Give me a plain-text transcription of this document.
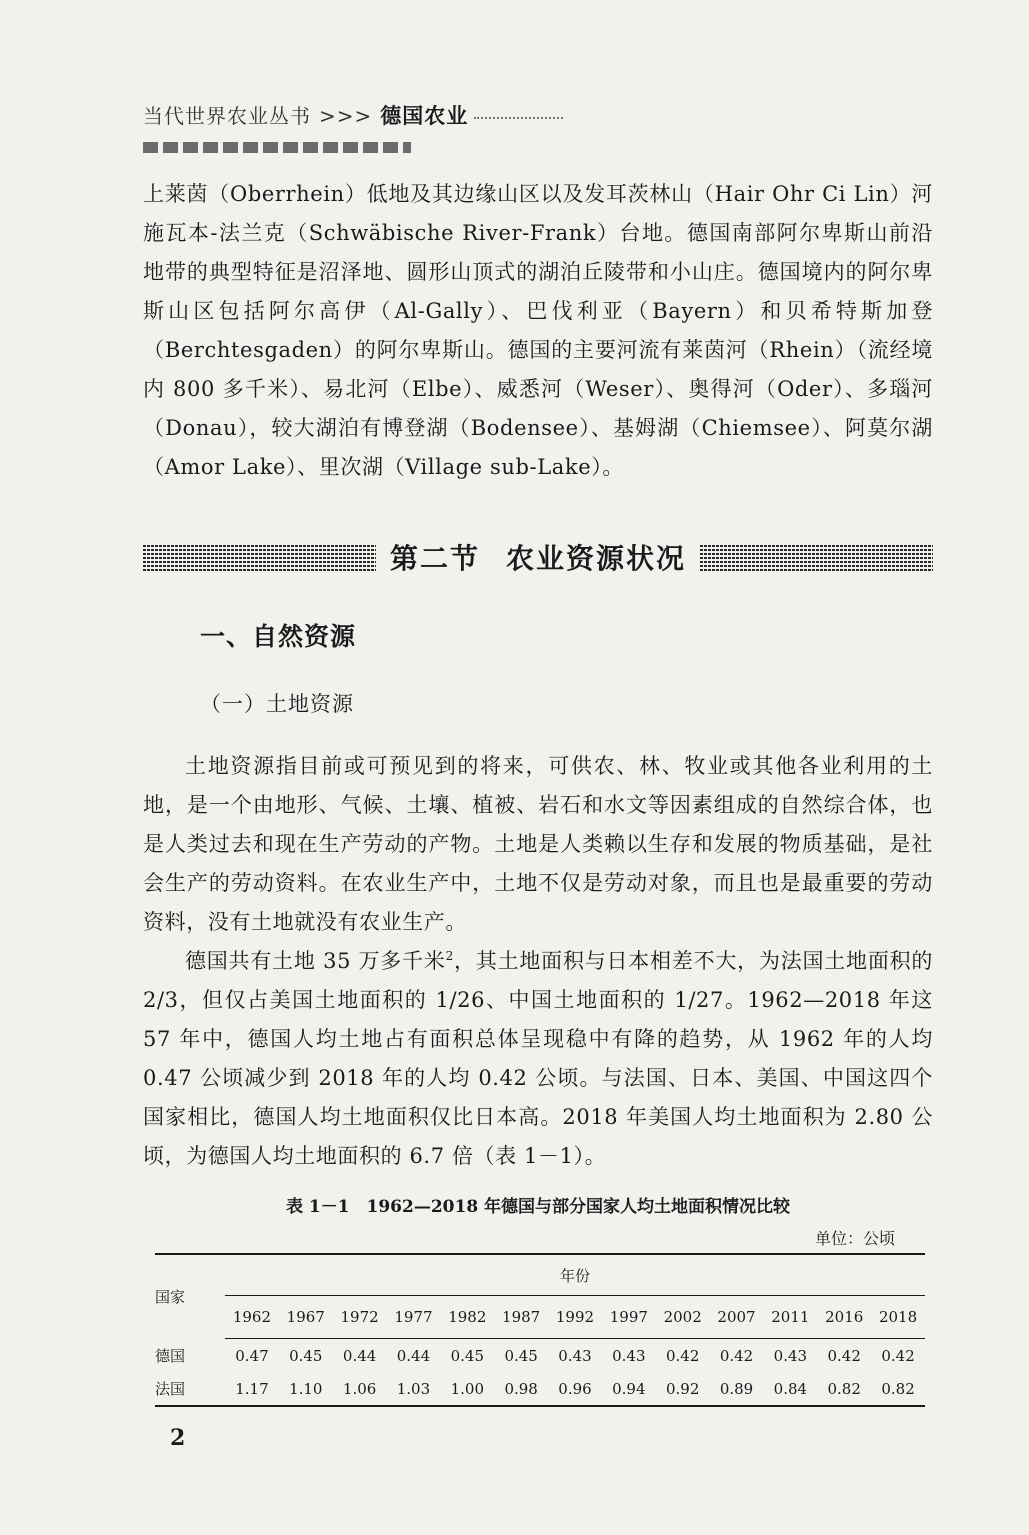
当代世界农业丛书 >>> 德国农业

上莱茵（Oberrhein）低地及其边缘山区以及发耳茨林山（Hair Ohr Ci Lin）河施瓦本-法兰克（Schwäbische River-Frank）台地。德国南部阿尔卑斯山前沿地带的典型特征是沼泽地、圆形山顶式的湖泊丘陵带和小山庄。德国境内的阿尔卑斯山区包括阿尔高伊（Al-Gally）、巴伐利亚（Bayern）和贝希特斯加登（Berchtesgaden）的阿尔卑斯山。德国的主要河流有莱茵河（Rhein）（流经境内 800 多千米）、易北河（Elbe）、威悉河（Weser）、奥得河（Oder）、多瑙河（Donau），较大湖泊有博登湖（Bodensee）、基姆湖（Chiemsee）、阿莫尔湖（Amor Lake）、里次湖（Village sub-Lake）。

第二节 农业资源状况
一、自然资源
（一）土地资源

土地资源指目前或可预见到的将来，可供农、林、牧业或其他各业利用的土地，是一个由地形、气候、土壤、植被、岩石和水文等因素组成的自然综合体，也是人类过去和现在生产劳动的产物。土地是人类赖以生存和发展的物质基础，是社会生产的劳动资料。在农业生产中，土地不仅是劳动对象，而且也是最重要的劳动资料，没有土地就没有农业生产。

德国共有土地 35 万多千米$^2$，其土地面积与日本相差不大，为法国土地面积的 2/3，但仅占美国土地面积的 1/26、中国土地面积的 1/27。1962—2018 年这 57 年中，德国人均土地占有面积总体呈现稳中有降的趋势，从 1962 年的人均 0.47 公顷减少到 2018 年的人均 0.42 公顷。与法国、日本、美国、中国这四个国家相比，德国人均土地面积仅比日本高。2018 年美国人均土地面积为 2.80 公顷，为德国人均土地面积的 6.7 倍（表 1－1）。

表 1－1　1962—2018 年德国与部分国家人均土地面积情况比较
单位：公顷
国家	年份												
	1962	1967	1972	1977	1982	1987	1992	1997	2002	2007	2011	2016	2018
德国	0.47	0.45	0.44	0.44	0.45	0.45	0.43	0.43	0.42	0.42	0.43	0.42	0.42
法国	1.17	1.10	1.06	1.03	1.00	0.98	0.96	0.94	0.92	0.89	0.84	0.82	0.82
2
